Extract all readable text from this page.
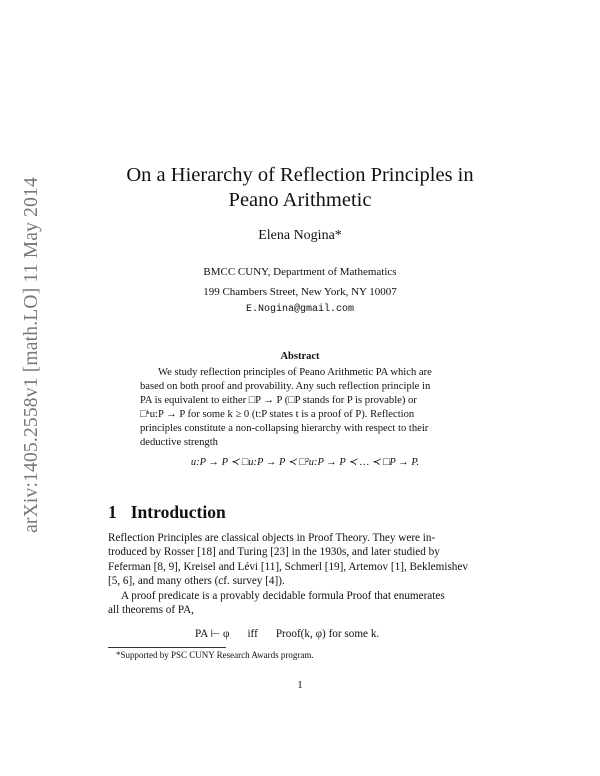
arXiv:1405.2558v1 [math.LO] 11 May 2014
On a Hierarchy of Reflection Principles in
Peano Arithmetic
Elena Nogina*
BMCC CUNY, Department of Mathematics
199 Chambers Street, New York, NY 10007
E.Nogina@gmail.com
Abstract
We study reflection principles of Peano Arithmetic PA which are
based on both proof and provability. Any such reflection principle in
PA is equivalent to either □P → P (□P stands for P is provable) or
□ᵏu:P → P for some k ≥ 0 (t:P states t is a proof of P). Reflection
principles constitute a non-collapsing hierarchy with respect to their
deductive strength
u:P → P ≺ □u:P → P ≺ □²u:P → P ≺ … ≺ □P → P.
1 Introduction
Reflection Principles are classical objects in Proof Theory. They were in-
troduced by Rosser [18] and Turing [23] in the 1930s, and later studied by
Feferman [8, 9], Kreisel and Lévi [11], Schmerl [19], Artemov [1], Beklemishev
[5, 6], and many others (cf. survey [4]).
A proof predicate is a provably decidable formula Proof that enumerates
all theorems of PA,
PA ⊢ φ iff Proof(k, φ) for some k.
*Supported by PSC CUNY Research Awards program.
1
